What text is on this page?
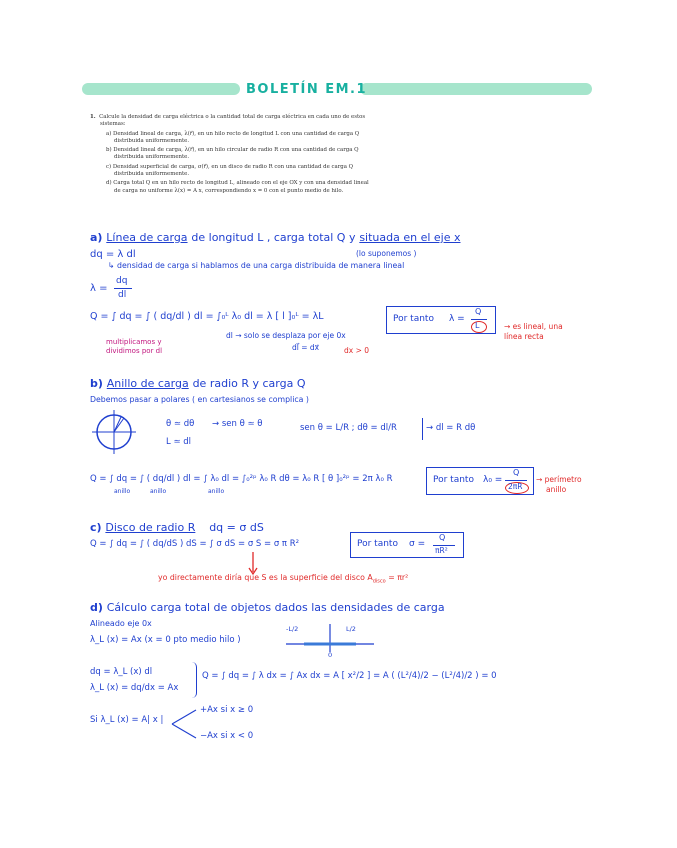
BOLETÍN EM.1
1. Calcule la densidad de carga eléctrica o la cantidad total de carga eléctrica en cada uno de estos
sistemas:
a) Densidad lineal de carga, λ(r⃗), en un hilo recto de longitud L con una cantidad de carga Q
distribuida uniformemente.
b) Densidad lineal de carga, λ(r⃗), en un hilo circular de radio R con una cantidad de carga Q
distribuida uniformemente.
c) Densidad superficial de carga, σ(r⃗), en un disco de radio R con una cantidad de carga Q
distribuida uniformemente.
d) Carga total Q en un hilo recto de longitud L, alineado con el eje OX y con una densidad lineal
de carga no uniforme λ(x) = A x, correspondiendo x = 0 con el punto medio de hilo.
a) Línea de carga de longitud L , carga total Q y situada en el eje x
dq = λ dl	(lo suponemos )
↳ densidad de carga si hablamos de una carga distribuida de manera lineal
λ =
dq
dl
Q = ∫ dq = ∫ ( dq/dl ) dl = ∫₀ᴸ λ₀ dl = λ [ l ]₀ᴸ = λL
multiplicamos y dividimos por dl
dl → solo se desplaza por eje 0x
dl⃗ = dx⃗	dx > 0
Por tanto λ =
Q
L	→ es lineal, una
línea recta
b) Anillo de carga de radio R y carga Q
Debemos pasar a polares ( en cartesianos se complica )
θ ≃ dθ → sen θ ≃ θ
L ≃ dl
sen θ = L/R ; dθ = dl/R	→ dl = R dθ
Q = ∫ dq = ∫ ( dq/dl ) dl = ∫ λ₀ dl = ∫₀²ᵖ λ₀ R dθ = λ₀ R [ θ ]₀²ᵖ = 2π λ₀ R
anillo	anillo	anillo
Por tanto λ₀ =
Q
2πR
→ perímetro
anillo
c) Disco de radio R dq = σ dS
Q = ∫ dq = ∫ ( dq/dS ) dS = ∫ σ dS = σ S = σ π R²	Por tanto σ =
Q
πR²
yo directamente diría que S es la superficie del disco $A_{disco} = \pi r^2$
d) Cálculo carga total de objetos dados las densidades de carga
Alineado eje 0x
λ_L (x) = Ax (x = 0 pto medio hilo )
-L/2	L/2
0
dq = λ_L (x) dl
λ_L (x) = dq/dx = Ax
Q = ∫ dq = ∫ λ dx = ∫ Ax dx = A [ x²/2 ] = A ( (L²/4)/2 − (L²/4)/2 ) = 0
Si λ_L (x) = A| x |
+Ax si x ≥ 0
−Ax si x < 0
